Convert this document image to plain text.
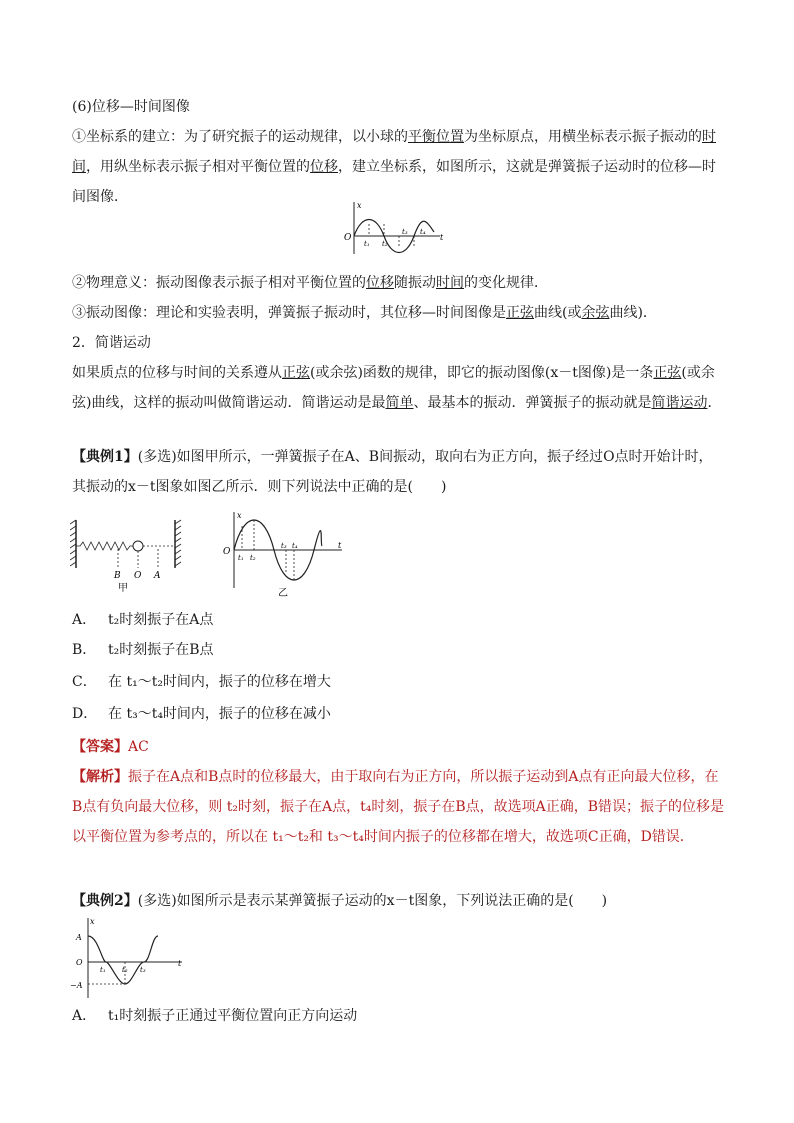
(6)位移—时间图像

①坐标系的建立：为了研究振子的运动规律，以小球的平衡位置为坐标原点，用横坐标表示振子振动的时间，用纵坐标表示振子相对平衡位置的位移，建立坐标系，如图所示，这就是弹簧振子运动时的位移—时间图像．

x
O	t
t₁ t₂
t₃ t₄

②物理意义：振动图像表示振子相对平衡位置的位移随振动时间的变化规律．

③振动图像：理论和实验表明，弹簧振子振动时，其位移—时间图像是正弦曲线(或余弦曲线)．

2．简谐运动

如果质点的位移与时间的关系遵从正弦(或余弦)函数的规律，即它的振动图像(x－t图像)是一条正弦(或余弦)曲线，这样的振动叫做简谐运动．简谐运动是最简单、最基本的振动．弹簧振子的振动就是简谐运动．

【典例1】(多选)如图甲所示，一弹簧振子在A、B间振动，取向右为正方向，振子经过O点时开始计时，其振动的x－t图象如图乙所示．则下列说法中正确的是(　　)

B O A
甲
x
O
t
t₁ t₂
t₃ t₄
乙
A． t₂时刻振子在A点
B． t₂时刻振子在B点
C． 在 t₁～t₂时间内，振子的位移在增大
D． 在 t₃～t₄时间内，振子的位移在减小

【答案】AC

【解析】振子在A点和B点时的位移最大，由于取向右为正方向，所以振子运动到A点有正向最大位移，在B点有负向最大位移，则 t₂时刻，振子在A点，t₄时刻，振子在B点，故选项A正确，B错误；振子的位移是以平衡位置为参考点的，所以在 t₁～t₂和 t₃～t₄时间内振子的位移都在增大，故选项C正确，D错误．

【典例2】(多选)如图所示是表示某弹簧振子运动的x－t图象，下列说法正确的是(　　)

x
A
O
−A
t
t₁ t₂ t₃
A． t₁时刻振子正通过平衡位置向正方向运动
